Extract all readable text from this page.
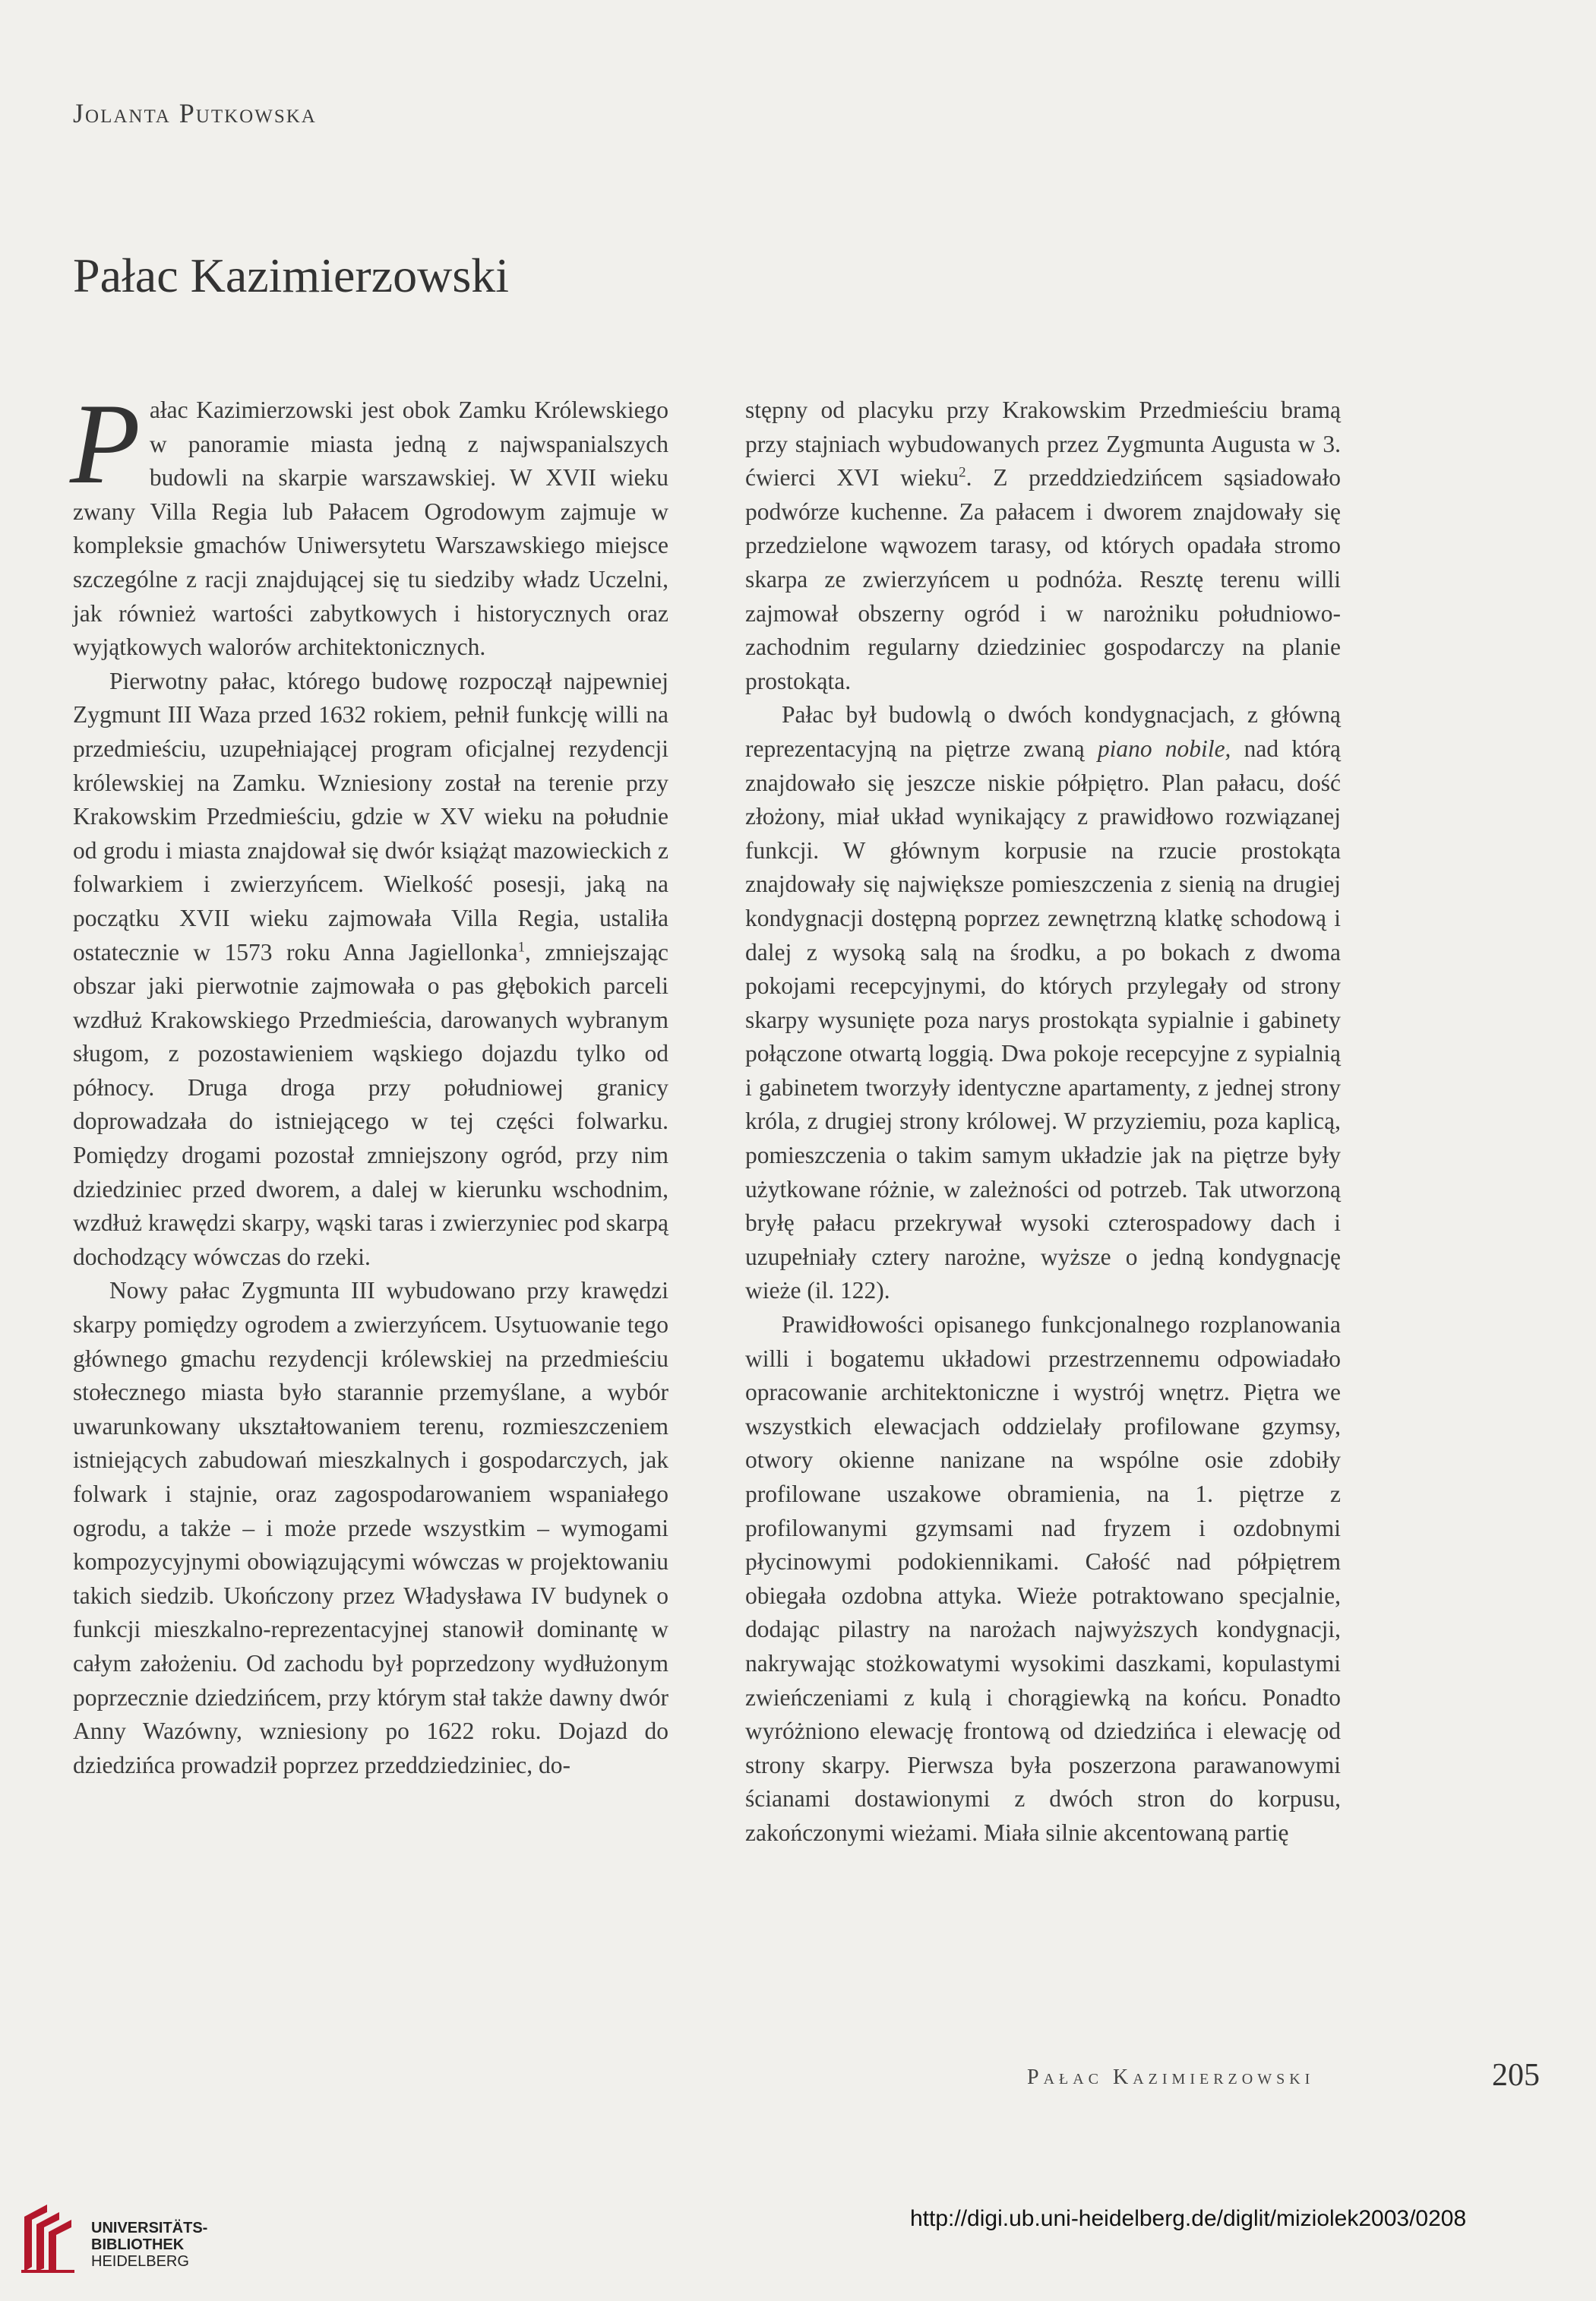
Jolanta Putkowska
Pałac Kazimierzowski

Pałac Kazimierzowski jest obok Zamku Królewskiego w panoramie miasta jedną z najwspanialszych budowli na skarpie warszawskiej. W XVII wieku zwany Villa Regia lub Pałacem Ogrodowym zajmuje w kompleksie gmachów Uniwersytetu Warszawskiego miejsce szczególne z racji znajdującej się tu siedziby władz Uczelni, jak również wartości zabytkowych i historycznych oraz wyjątkowych walorów architektonicznych.

Pierwotny pałac, którego budowę rozpoczął najpewniej Zygmunt III Waza przed 1632 rokiem, pełnił funkcję willi na przedmieściu, uzupełniającej program oficjalnej rezydencji królewskiej na Zamku. Wzniesiony został na terenie przy Krakowskim Przedmieściu, gdzie w XV wieku na południe od grodu i miasta znajdował się dwór książąt mazowieckich z folwarkiem i zwierzyńcem. Wielkość posesji, jaką na początku XVII wieku zajmowała Villa Regia, ustaliła ostatecznie w 1573 roku Anna Jagiellonka$^1$, zmniejszając obszar jaki pierwotnie zajmowała o pas głębokich parceli wzdłuż Krakowskiego Przedmieścia, darowanych wybranym sługom, z pozostawieniem wąskiego dojazdu tylko od północy. Druga droga przy południowej granicy doprowadzała do istniejącego w tej części folwarku. Pomiędzy drogami pozostał zmniejszony ogród, przy nim dziedziniec przed dworem, a dalej w kierunku wschodnim, wzdłuż krawędzi skarpy, wąski taras i zwierzyniec pod skarpą dochodzący wówczas do rzeki.

Nowy pałac Zygmunta III wybudowano przy krawędzi skarpy pomiędzy ogrodem a zwierzyńcem. Usytuowanie tego głównego gmachu rezydencji królewskiej na przedmieściu stołecznego miasta było starannie przemyślane, a wybór uwarunkowany ukształtowaniem terenu, rozmieszczeniem istniejących zabudowań mieszkalnych i gospodarczych, jak folwark i stajnie, oraz zagospodarowaniem wspaniałego ogrodu, a także – i może przede wszystkim – wymogami kompozycyjnymi obowiązującymi wówczas w projektowaniu takich siedzib. Ukończony przez Władysława IV budynek o funkcji mieszkalno-reprezentacyjnej stanowił dominantę w całym założeniu. Od zachodu był poprzedzony wydłużonym poprzecznie dziedzińcem, przy którym stał także dawny dwór Anny Wazówny, wzniesiony po 1622 roku. Dojazd do dziedzińca prowadził poprzez przeddziedziniec, do-

stępny od placyku przy Krakowskim Przedmieściu bramą przy stajniach wybudowanych przez Zygmunta Augusta w 3. ćwierci XVI wieku$^2$. Z przeddziedzińcem sąsiadowało podwórze kuchenne. Za pałacem i dworem znajdowały się przedzielone wąwozem tarasy, od których opadała stromo skarpa ze zwierzyńcem u podnóża. Resztę terenu willi zajmował obszerny ogród i w narożniku południowo-zachodnim regularny dziedziniec gospodarczy na planie prostokąta.

Pałac był budowlą o dwóch kondygnacjach, z główną reprezentacyjną na piętrze zwaną piano nobile, nad którą znajdowało się jeszcze niskie półpiętro. Plan pałacu, dość złożony, miał układ wynikający z prawidłowo rozwiązanej funkcji. W głównym korpusie na rzucie prostokąta znajdowały się największe pomieszczenia z sienią na drugiej kondygnacji dostępną poprzez zewnętrzną klatkę schodową i dalej z wysoką salą na środku, a po bokach z dwoma pokojami recepcyjnymi, do których przylegały od strony skarpy wysunięte poza narys prostokąta sypialnie i gabinety połączone otwartą loggią. Dwa pokoje recepcyjne z sypialnią i gabinetem tworzyły identyczne apartamenty, z jednej strony króla, z drugiej strony królowej. W przyziemiu, poza kaplicą, pomieszczenia o takim samym układzie jak na piętrze były użytkowane różnie, w zależności od potrzeb. Tak utworzoną bryłę pałacu przekrywał wysoki czterospadowy dach i uzupełniały cztery narożne, wyższe o jedną kondygnację wieże (il. 122).

Prawidłowości opisanego funkcjonalnego rozplanowania willi i bogatemu układowi przestrzennemu odpowiadało opracowanie architektoniczne i wystrój wnętrz. Piętra we wszystkich elewacjach oddzielały profilowane gzymsy, otwory okienne nanizane na wspólne osie zdobiły profilowane uszakowe obramienia, na 1. piętrze z profilowanymi gzymsami nad fryzem i ozdobnymi płycinowymi podokiennikami. Całość nad półpiętrem obiegała ozdobna attyka. Wieże potraktowano specjalnie, dodając pilastry na narożach najwyższych kondygnacji, nakrywając stożkowatymi wysokimi daszkami, kopulastymi zwieńczeniami z kulą i chorągiewką na końcu. Ponadto wyróżniono elewację frontową od dziedzińca i elewację od strony skarpy. Pierwsza była poszerzona parawanowymi ścianami dostawionymi z dwóch stron do korpusu, zakończonymi wieżami. Miała silnie akcentowaną partię

Pałac Kazimierzowski	205
UNIVERSITÄTS-
BIBLIOTHEK
HEIDELBERG
http://digi.ub.uni-heidelberg.de/diglit/miziolek2003/0208
